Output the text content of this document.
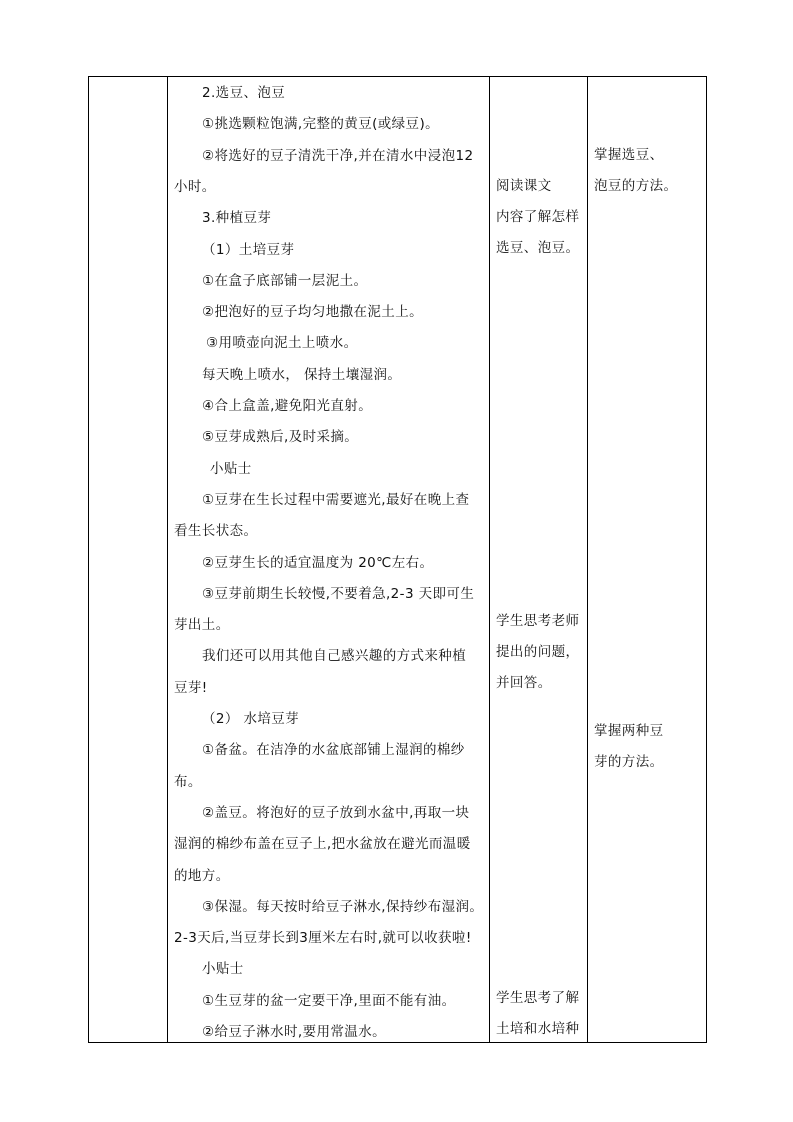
2.选豆、泡豆
①挑选颗粒饱满,完整的黄豆(或绿豆)。
②将选好的豆子清洗干净,并在清水中浸泡12
小时。
3.种植豆芽
（1）土培豆芽
①在盒子底部铺一层泥土。
②把泡好的豆子均匀地撒在泥土上。
③用喷壶向泥土上喷水。
每天晚上喷水， 保持土壤湿润。
④合上盒盖,避免阳光直射。
⑤豆芽成熟后,及时采摘。
小贴士
①豆芽在生长过程中需要遮光,最好在晚上查
看生长状态。
②豆芽生长的适宜温度为 20℃左右。
③豆芽前期生长较慢,不要着急,2-3 天即可生
芽出土。
我们还可以用其他自己感兴趣的方式来种植
豆芽!
（2） 水培豆芽
①备盆。在洁净的水盆底部铺上湿润的棉纱
布。
②盖豆。将泡好的豆子放到水盆中,再取一块
湿润的棉纱布盖在豆子上,把水盆放在避光而温暖
的地方。
③保湿。每天按时给豆子淋水,保持纱布湿润。
2-3天后,当豆芽长到3厘米左右时,就可以收获啦!
小贴士
①生豆芽的盆一定要干净,里面不能有油。
②给豆子淋水时,要用常温水。
阅读课文
内容了解怎样
选豆、泡豆。
学生思考老师
提出的问题，
并回答。
学生思考了解
土培和水培种
掌握选豆、
泡豆的方法。
掌握两种豆
芽的方法。
